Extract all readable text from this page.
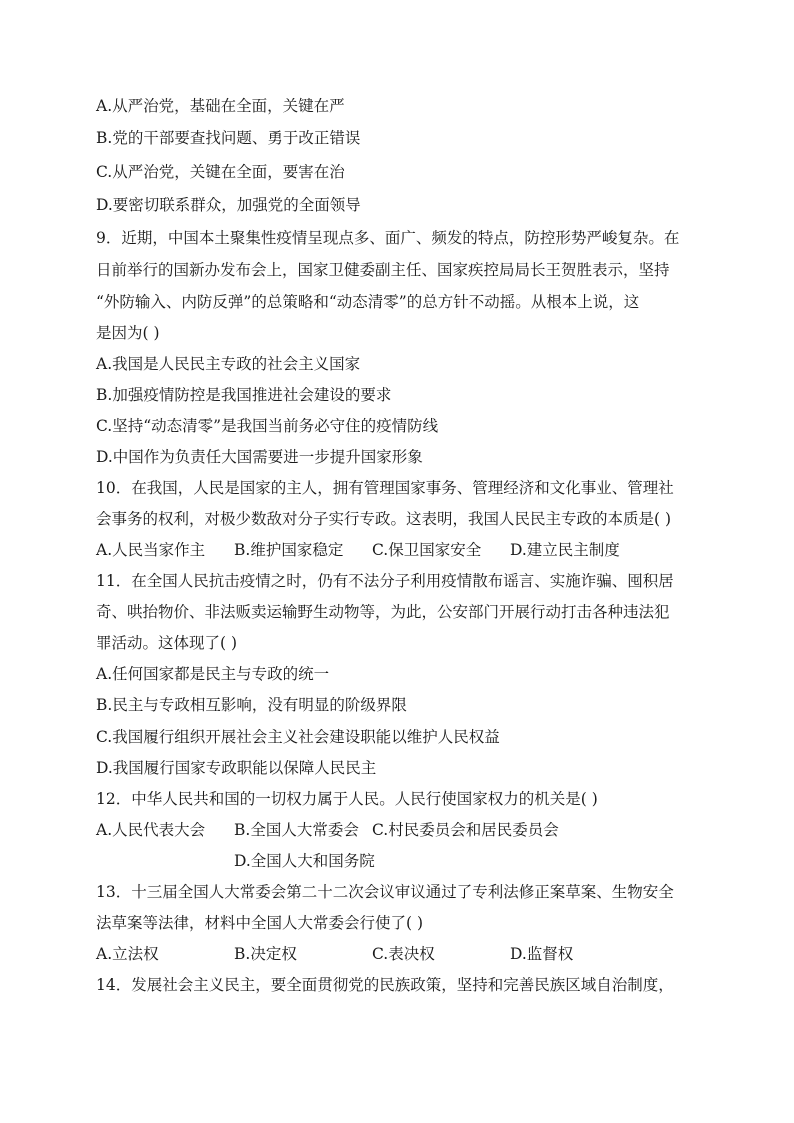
A.从严治党，基础在全面，关键在严
B.党的干部要查找问题、勇于改正错误
C.从严治党，关键在全面，要害在治
D.要密切联系群众，加强党的全面领导
9．近期，中国本土聚集性疫情呈现点多、面广、频发的特点，防控形势严峻复杂。在
日前举行的国新办发布会上，国家卫健委副主任、国家疾控局局长王贺胜表示，坚持
“外防输入、内防反弹”的总策略和“动态清零”的总方针不动摇。从根本上说，这
是因为( )
A.我国是人民民主专政的社会主义国家
B.加强疫情防控是我国推进社会建设的要求
C.坚持“动态清零”是我国当前务必守住的疫情防线
D.中国作为负责任大国需要进一步提升国家形象
10．在我国，人民是国家的主人，拥有管理国家事务、管理经济和文化事业、管理社
会事务的权利，对极少数敌对分子实行专政。这表明，我国人民民主专政的本质是( )
A.人民当家作主 B.维护国家稳定 C.保卫国家安全 D.建立民主制度
11．在全国人民抗击疫情之时，仍有不法分子利用疫情散布谣言、实施诈骗、囤积居
奇、哄抬物价、非法贩卖运输野生动物等，为此，公安部门开展行动打击各种违法犯
罪活动。这体现了( )
A.任何国家都是民主与专政的统一
B.民主与专政相互影响，没有明显的阶级界限
C.我国履行组织开展社会主义社会建设职能以维护人民权益
D.我国履行国家专政职能以保障人民民主
12．中华人民共和国的一切权力属于人民。人民行使国家权力的机关是( )
A.人民代表大会 B.全国人大常委会 C.村民委员会和居民委员会
D.全国人大和国务院
13．十三届全国人大常委会第二十二次会议审议通过了专利法修正案草案、生物安全
法草案等法律，材料中全国人大常委会行使了( )
A.立法权	B.决定权	C.表决权	D.监督权
14．发展社会主义民主，要全面贯彻党的民族政策，坚持和完善民族区域自治制度，
